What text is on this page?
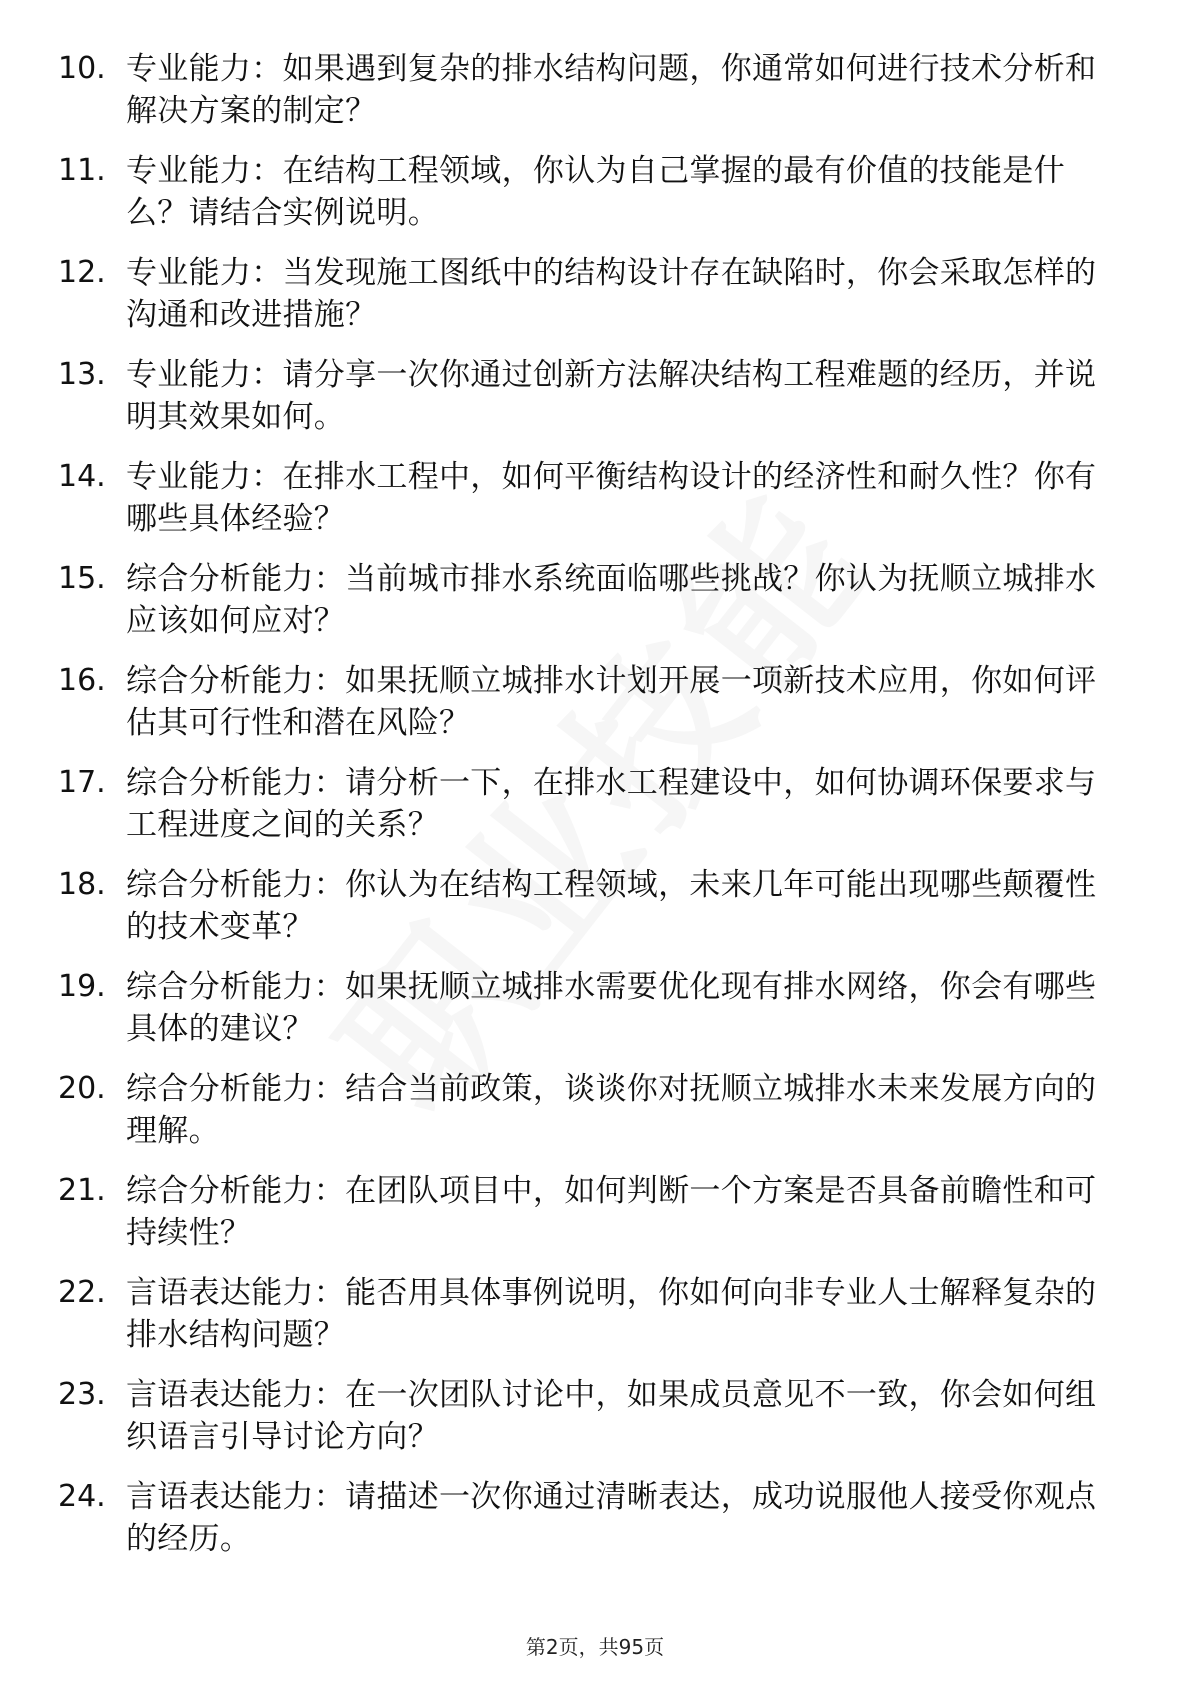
10. 专业能力：如果遇到复杂的排水结构问题，你通常如何进行技术分析和解决方案的制定？
11. 专业能力：在结构工程领域，你认为自己掌握的最有价值的技能是什么？请结合实例说明。
12. 专业能力：当发现施工图纸中的结构设计存在缺陷时，你会采取怎样的沟通和改进措施？
13. 专业能力：请分享一次你通过创新方法解决结构工程难题的经历，并说明其效果如何。
14. 专业能力：在排水工程中，如何平衡结构设计的经济性和耐久性？你有哪些具体经验？
15. 综合分析能力：当前城市排水系统面临哪些挑战？你认为抚顺立城排水应该如何应对？
16. 综合分析能力：如果抚顺立城排水计划开展一项新技术应用，你如何评估其可行性和潜在风险？
17. 综合分析能力：请分析一下，在排水工程建设中，如何协调环保要求与工程进度之间的关系？
18. 综合分析能力：你认为在结构工程领域，未来几年可能出现哪些颠覆性的技术变革？
19. 综合分析能力：如果抚顺立城排水需要优化现有排水网络，你会有哪些具体的建议？
20. 综合分析能力：结合当前政策，谈谈你对抚顺立城排水未来发展方向的理解。
21. 综合分析能力：在团队项目中，如何判断一个方案是否具备前瞻性和可持续性？
22. 言语表达能力：能否用具体事例说明，你如何向非专业人士解释复杂的排水结构问题？
23. 言语表达能力：在一次团队讨论中，如果成员意见不一致，你会如何组织语言引导讨论方向？
24. 言语表达能力：请描述一次你通过清晰表达，成功说服他人接受你观点的经历。
第2页，共95页
